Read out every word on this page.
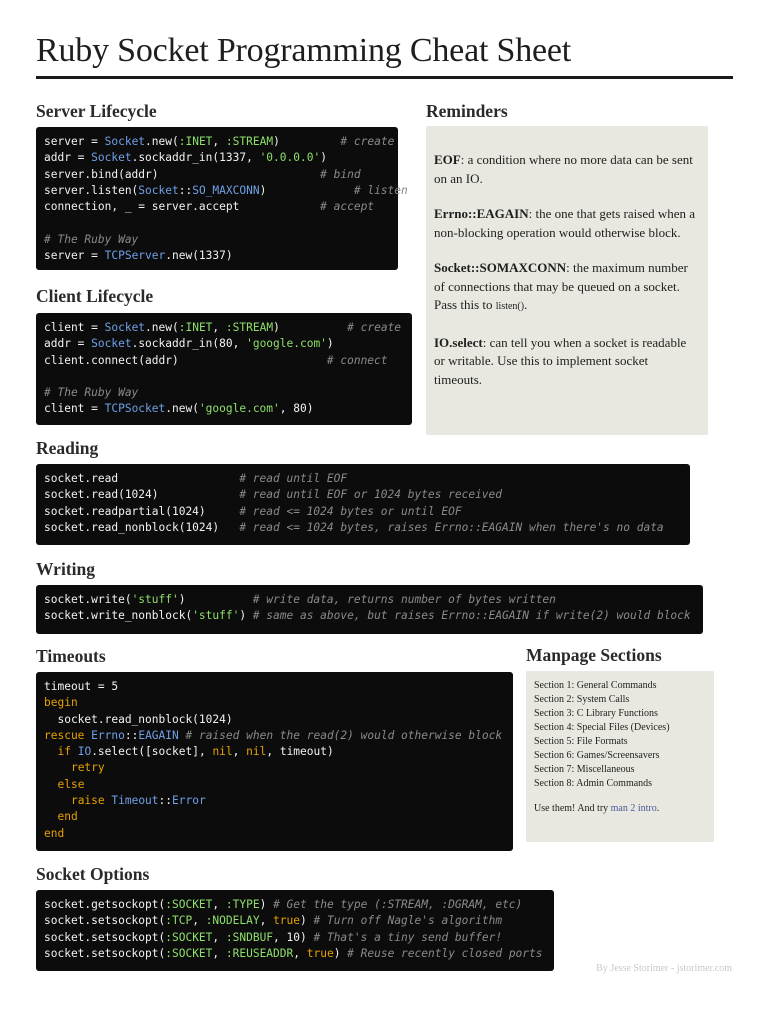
Ruby Socket Programming Cheat Sheet
Server Lifecycle
server = Socket.new(:INET, :STREAM)         # create
addr = Socket.sockaddr_in(1337, '0.0.0.0')
server.bind(addr)                        # bind
server.listen(Socket::SO_MAXCONN)             # listen
connection, _ = server.accept            # accept
# The Ruby Way
server = TCPServer.new(1337)
Client Lifecycle
client = Socket.new(:INET, :STREAM)          # create
addr = Socket.sockaddr_in(80, 'google.com')
client.connect(addr)                      # connect
# The Ruby Way
client = TCPSocket.new('google.com', 80)
Reminders

EOF: a condition where no more data can be sent on an IO.

Errno::EAGAIN: the one that gets raised when a non-blocking operation would otherwise block.

Socket::SOMAXCONN: the maximum number of connections that may be queued on a socket. Pass this to listen().

IO.select: can tell you when a socket is readable or writable. Use this to implement socket timeouts.

Reading
socket.read                  # read until EOF
socket.read(1024)            # read until EOF or 1024 bytes received
socket.readpartial(1024)     # read <= 1024 bytes or until EOF
socket.read_nonblock(1024)   # read <= 1024 bytes, raises Errno::EAGAIN when there's no data
Writing
socket.write('stuff')          # write data, returns number of bytes written
socket.write_nonblock('stuff') # same as above, but raises Errno::EAGAIN if write(2) would block
Timeouts
timeout = 5
begin
socket.read_nonblock(1024)
rescue Errno::EAGAIN # raised when the read(2) would otherwise block
if IO.select([socket], nil, nil, timeout)
retry
else
raise Timeout::Error
end
end
Manpage Sections
Section 1: General Commands
Section 2: System Calls
Section 3: C Library Functions
Section 4: Special Files (Devices)
Section 5: File Formats
Section 6: Games/Screensavers
Section 7: Miscellaneous
Section 8: Admin Commands
Use them! And try man 2 intro.
Socket Options
socket.getsockopt(:SOCKET, :TYPE) # Get the type (:STREAM, :DGRAM, etc)
socket.setsockopt(:TCP, :NODELAY, true) # Turn off Nagle's algorithm
socket.setsockopt(:SOCKET, :SNDBUF, 10) # That's a tiny send buffer!
socket.setsockopt(:SOCKET, :REUSEADDR, true) # Reuse recently closed ports
By Jesse Storimer - jstorimer.com
